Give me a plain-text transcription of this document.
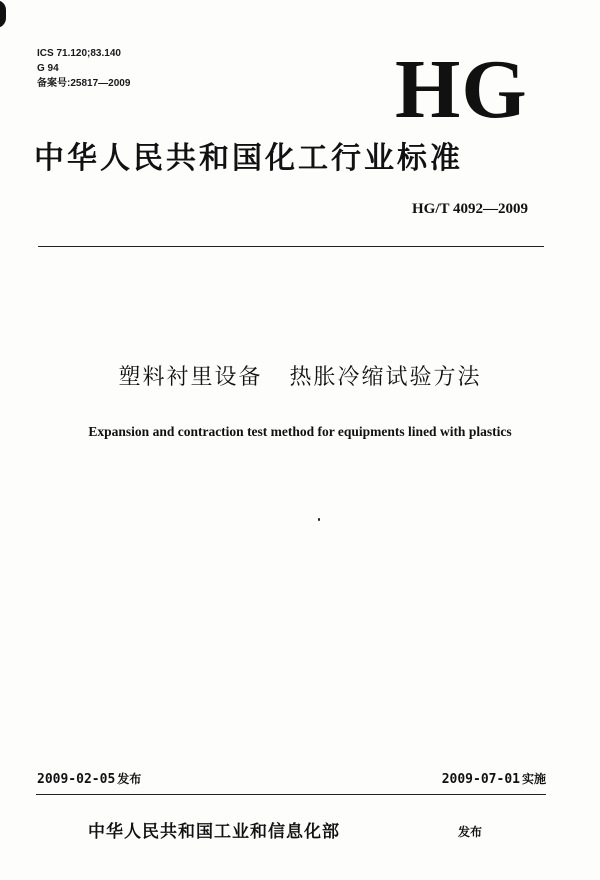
ICS 71.120;83.140
G 94
备案号:25817—2009	HG
中华人民共和国化工行业标准
HG/T 4092—2009
塑料衬里设备   热胀冷缩试验方法
Expansion and contraction test method for equipments lined with plastics
2009-02-05 发布	2009-07-01 实施
中华人民共和国工业和信息化部	发布
